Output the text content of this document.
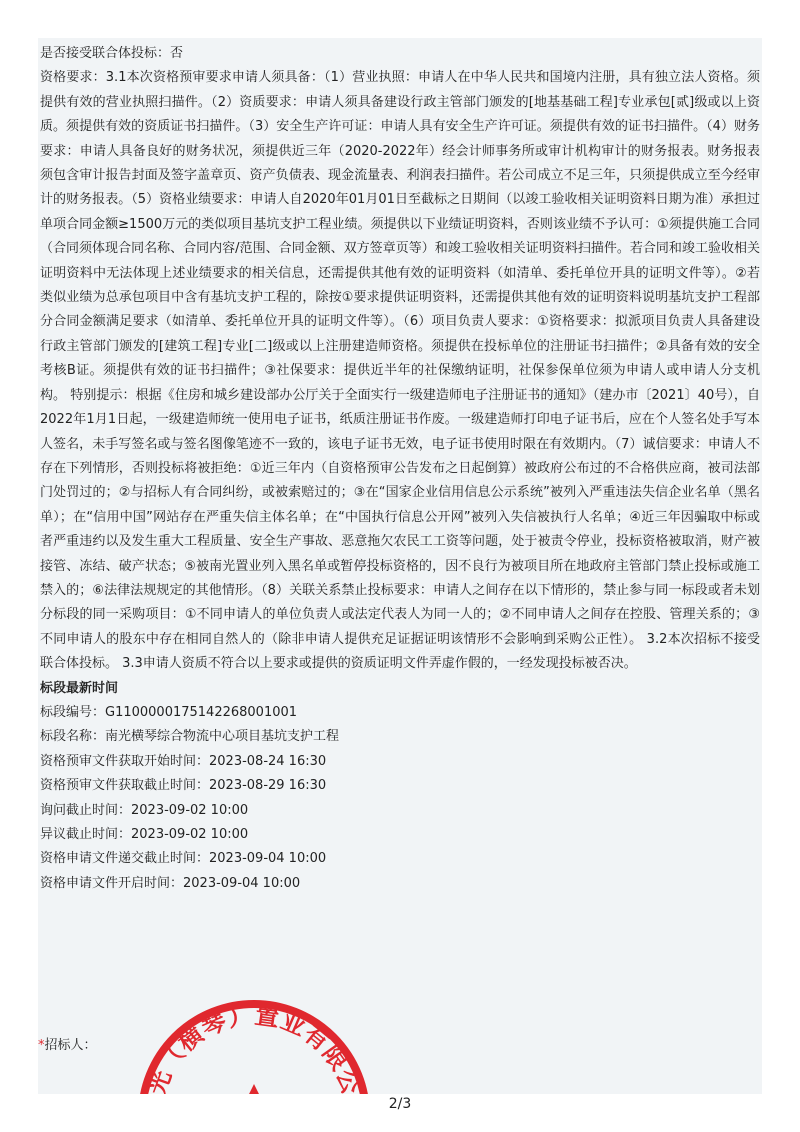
是否接受联合体投标：否
资格要求：3.1本次资格预审要求申请人须具备：（1）营业执照：申请人在中华人民共和国境内注册，具有独立法人资格。须提供有效的营业执照扫描件。（2）资质要求：申请人须具备建设行政主管部门颁发的[地基基础工程]专业承包[贰]级或以上资质。须提供有效的资质证书扫描件。（3）安全生产许可证：申请人具有安全生产许可证。须提供有效的证书扫描件。（4）财务要求：申请人具备良好的财务状况，须提供近三年（2020-2022年）经会计师事务所或审计机构审计的财务报表。财务报表须包含审计报告封面及签字盖章页、资产负债表、现金流量表、利润表扫描件。若公司成立不足三年，只须提供成立至今经审计的财务报表。（5）资格业绩要求：申请人自2020年01月01日至截标之日期间（以竣工验收相关证明资料日期为准）承担过单项合同金额≥1500万元的类似项目基坑支护工程业绩。须提供以下业绩证明资料，否则该业绩不予认可：①须提供施工合同（合同须体现合同名称、合同内容/范围、合同金额、双方签章页等）和竣工验收相关证明资料扫描件。若合同和竣工验收相关证明资料中无法体现上述业绩要求的相关信息，还需提供其他有效的证明资料（如清单、委托单位开具的证明文件等）。②若类似业绩为总承包项目中含有基坑支护工程的，除按①要求提供证明资料，还需提供其他有效的证明资料说明基坑支护工程部分合同金额满足要求（如清单、委托单位开具的证明文件等）。（6）项目负责人要求：①资格要求：拟派项目负责人具备建设行政主管部门颁发的[建筑工程]专业[二]级或以上注册建造师资格。须提供在投标单位的注册证书扫描件；②具备有效的安全考核B证。须提供有效的证书扫描件；③社保要求：提供近半年的社保缴纳证明，社保参保单位须为申请人或申请人分支机构。 特别提示：根据《住房和城乡建设部办公厅关于全面实行一级建造师电子注册证书的通知》（建办市〔2021〕40号），自2022年1月1日起，一级建造师统一使用电子证书，纸质注册证书作废。一级建造师打印电子证书后，应在个人签名处手写本人签名，未手写签名或与签名图像笔迹不一致的，该电子证书无效，电子证书使用时限在有效期内。（7）诚信要求：申请人不存在下列情形，否则投标将被拒绝：①近三年内（自资格预审公告发布之日起倒算）被政府公布过的不合格供应商，被司法部门处罚过的；②与招标人有合同纠纷，或被索赔过的；③在“国家企业信用信息公示系统”被列入严重违法失信企业名单（黑名单）；在“信用中国”网站存在严重失信主体名单；在“中国执行信息公开网”被列入失信被执行人名单；④近三年因骗取中标或者严重违约以及发生重大工程质量、安全生产事故、恶意拖欠农民工工资等问题，处于被责令停业，投标资格被取消，财产被接管、冻结、破产状态；⑤被南光置业列入黑名单或暂停投标资格的，因不良行为被项目所在地政府主管部门禁止投标或施工禁入的；⑥法律法规规定的其他情形。（8）关联关系禁止投标要求：申请人之间存在以下情形的，禁止参与同一标段或者未划分标段的同一采购项目：①不同申请人的单位负责人或法定代表人为同一人的；②不同申请人之间存在控股、管理关系的；③不同申请人的股东中存在相同自然人的（除非申请人提供充足证据证明该情形不会影响到采购公正性）。 3.2本次招标不接受联合体投标。 3.3申请人资质不符合以上要求或提供的资质证明文件弄虚作假的，一经发现投标被否决。
标段最新时间
标段编号：G1100000175142268001001
标段名称：南光横琴综合物流中心项目基坑支护工程
资格预审文件获取开始时间：2023-08-24 16:30
资格预审文件获取截止时间：2023-08-29 16:30
询问截止时间：2023-09-02 10:00
异议截止时间：2023-09-02 10:00
资格申请文件递交截止时间：2023-09-04 10:00
资格申请文件开启时间：2023-09-04 10:00
*招标人：
光（横琴）置业有限公
2/3
